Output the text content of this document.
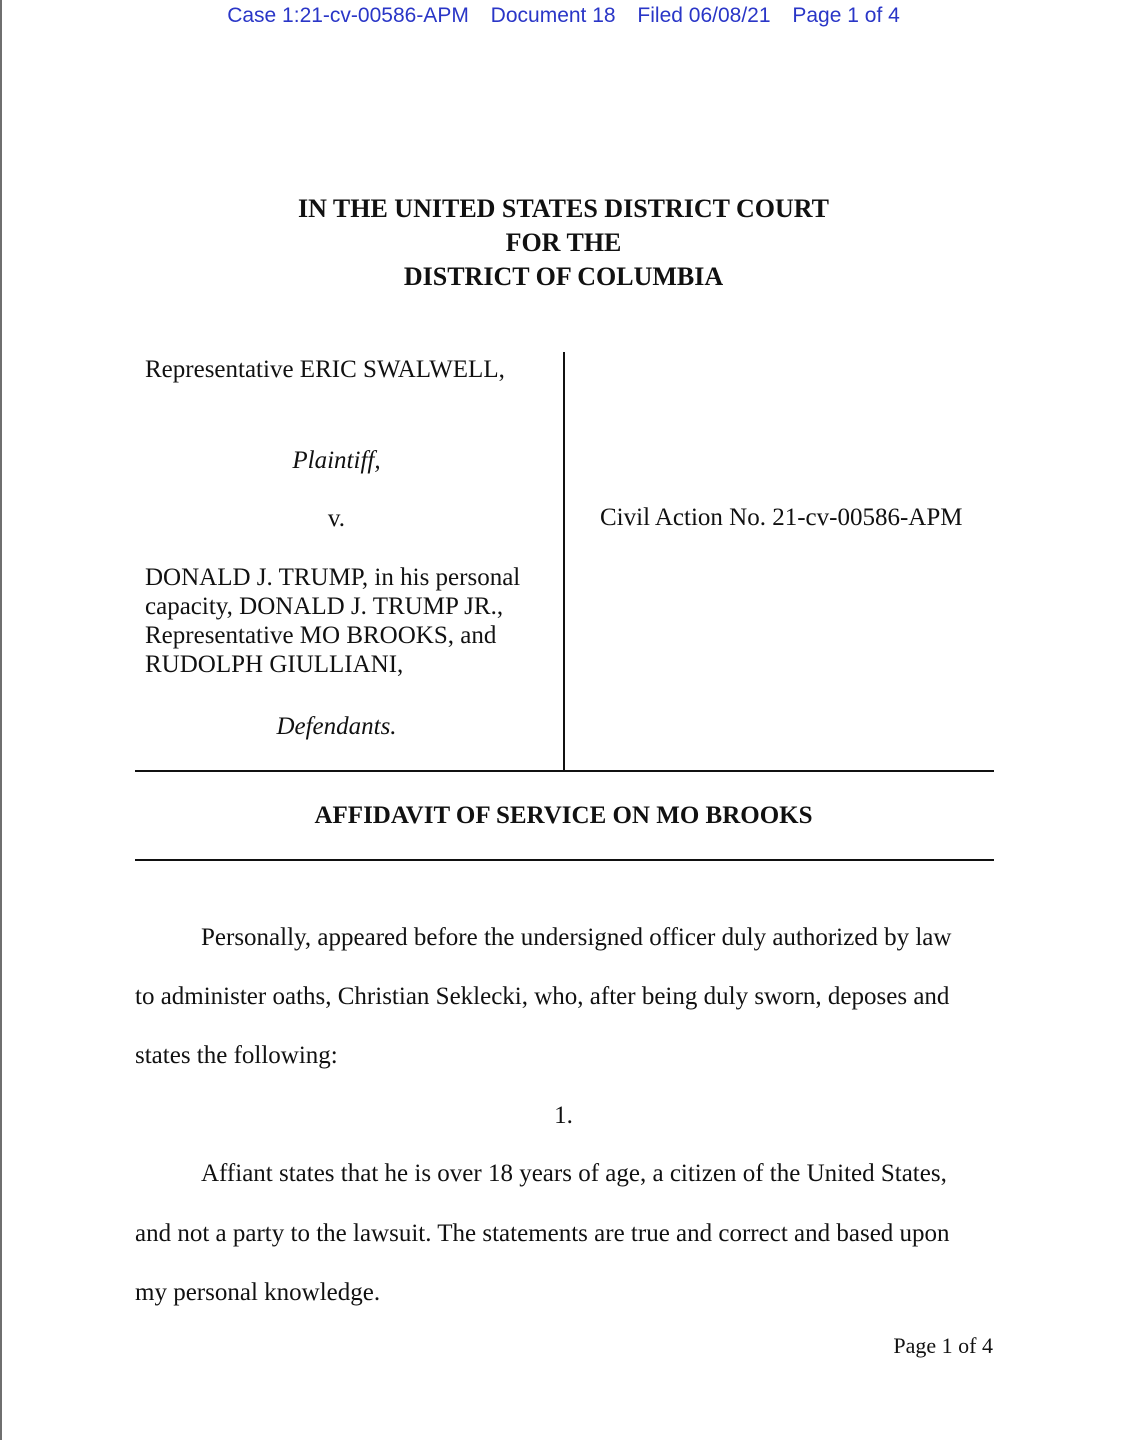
Case 1:21-cv-00586-APM Document 18 Filed 06/08/21 Page 1 of 4
IN THE UNITED STATES DISTRICT COURT
FOR THE
DISTRICT OF COLUMBIA
Representative ERIC SWALWELL,
Plaintiff,
v.
DONALD J. TRUMP, in his personal
capacity, DONALD J. TRUMP JR.,
Representative MO BROOKS, and
RUDOLPH GIULLIANI,
Defendants.
Civil Action No. 21-cv-00586-APM
AFFIDAVIT OF SERVICE ON MO BROOKS
Personally, appeared before the undersigned officer duly authorized by law
to administer oaths, Christian Seklecki, who, after being duly sworn, deposes and
states the following:
1.
Affiant states that he is over 18 years of age, a citizen of the United States,
and not a party to the lawsuit. The statements are true and correct and based upon
my personal knowledge.
Page 1 of 4
